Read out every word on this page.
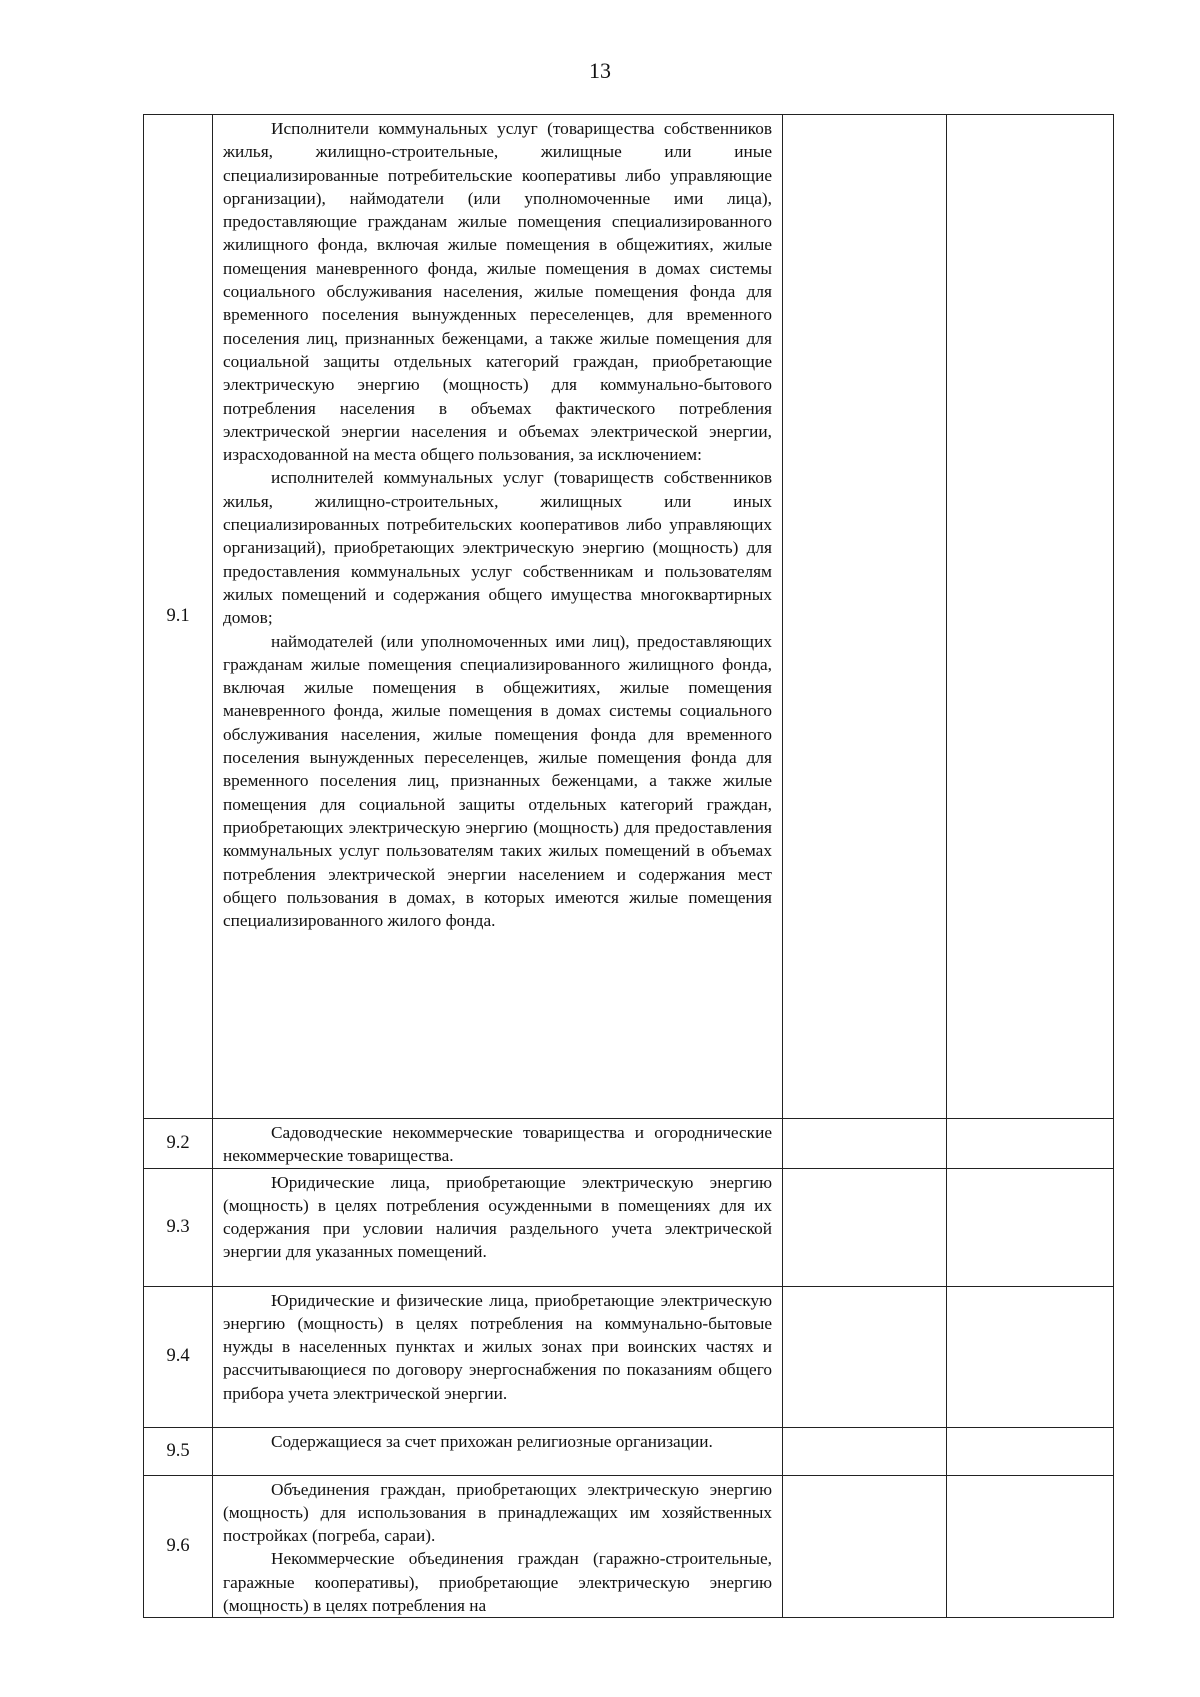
13
9.1	Исполнители коммунальных услуг (товарищества собственников жилья, жилищно-строительные, жилищные или иные специализированные потребительские кооперативы либо управляющие организации), наймодатели (или уполномоченные ими лица), предоставляющие гражданам жилые помещения специализированного жилищного фонда, включая жилые помещения в общежитиях, жилые помещения маневренного фонда, жилые помещения в домах системы социального обслуживания населения, жилые помещения фонда для временного поселения вынужденных переселенцев, для временного поселения лиц, признанных беженцами, а также жилые помещения для социальной защиты отдельных категорий граждан, приобретающие электрическую энергию (мощность) для коммунально-бытового потребления населения в объемах фактического потребления электрической энергии населения и объемах электрической энергии, израсходованной на места общего пользования, за исключением:

исполнителей коммунальных услуг (товариществ собственников жилья, жилищно-строительных, жилищных или иных специализированных потребительских кооперативов либо управляющих организаций), приобретающих электрическую энергию (мощность) для предоставления коммунальных услуг собственникам и пользователям жилых помещений и содержания общего имущества многоквартирных домов;

наймодателей (или уполномоченных ими лиц), предоставляющих гражданам жилые помещения специализированного жилищного фонда, включая жилые помещения в общежитиях, жилые помещения маневренного фонда, жилые помещения в домах системы социального обслуживания населения, жилые помещения фонда для временного поселения вынужденных переселенцев, жилые помещения фонда для временного поселения лиц, признанных беженцами, а также жилые помещения для социальной защиты отдельных категорий граждан, приобретающих электрическую энергию (мощность) для предоставления коммунальных услуг пользователям таких жилых помещений в объемах потребления электрической энергии населением и содержания мест общего пользования в домах, в которых имеются жилые помещения специализированного жилого фонда.		

9.2	Садоводческие некоммерческие товарищества и огороднические некоммерческие товарищества.		

9.3	Юридические лица, приобретающие электрическую энергию (мощность) в целях потребления осужденными в помещениях для их содержания при условии наличия раздельного учета электрической энергии для указанных помещений.		

9.4	Юридические и физические лица, приобретающие электрическую энергию (мощность) в целях потребления на коммунально-бытовые нужды в населенных пунктах и жилых зонах при воинских частях и рассчитывающиеся по договору энергоснабжения по показаниям общего прибора учета электрической энергии.		

9.5	Содержащиеся за счет прихожан религиозные организации.		

9.6	Объединения граждан, приобретающих электрическую энергию (мощность) для использования в принадлежащих им хозяйственных постройках (погреба, сараи).

Некоммерческие объединения граждан (гаражно-строительные, гаражные кооперативы), приобретающие электрическую энергию (мощность) в целях потребления на		
